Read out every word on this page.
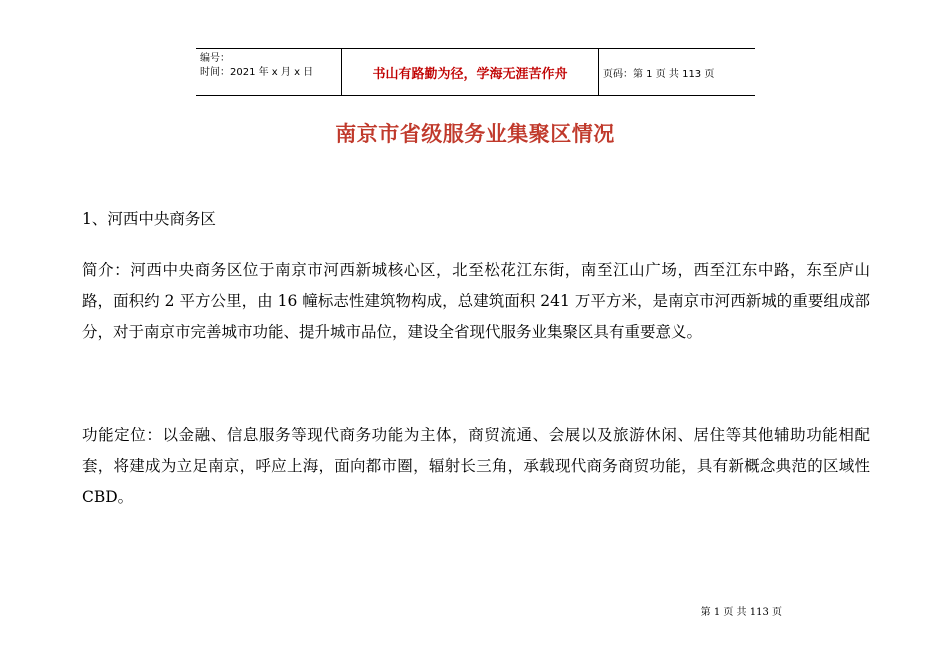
编号：
时间：2021 年 x 月 x 日	书山有路勤为径，学海无涯苦作舟	页码：第 1 页 共 113 页
南京市省级服务业集聚区情况
1、河西中央商务区
简介：河西中央商务区位于南京市河西新城核心区，北至松花江东街，南至江山广场，西至江东中路，东至庐山路，面积约 2 平方公里，由 16 幢标志性建筑物构成，总建筑面积 241 万平方米，是南京市河西新城的重要组成部分，对于南京市完善城市功能、提升城市品位，建设全省现代服务业集聚区具有重要意义。
功能定位：以金融、信息服务等现代商务功能为主体，商贸流通、会展以及旅游休闲、居住等其他辅助功能相配套，将建成为立足南京，呼应上海，面向都市圈，辐射长三角，承载现代商务商贸功能，具有新概念典范的区域性 CBD。
第 1 页 共 113 页
